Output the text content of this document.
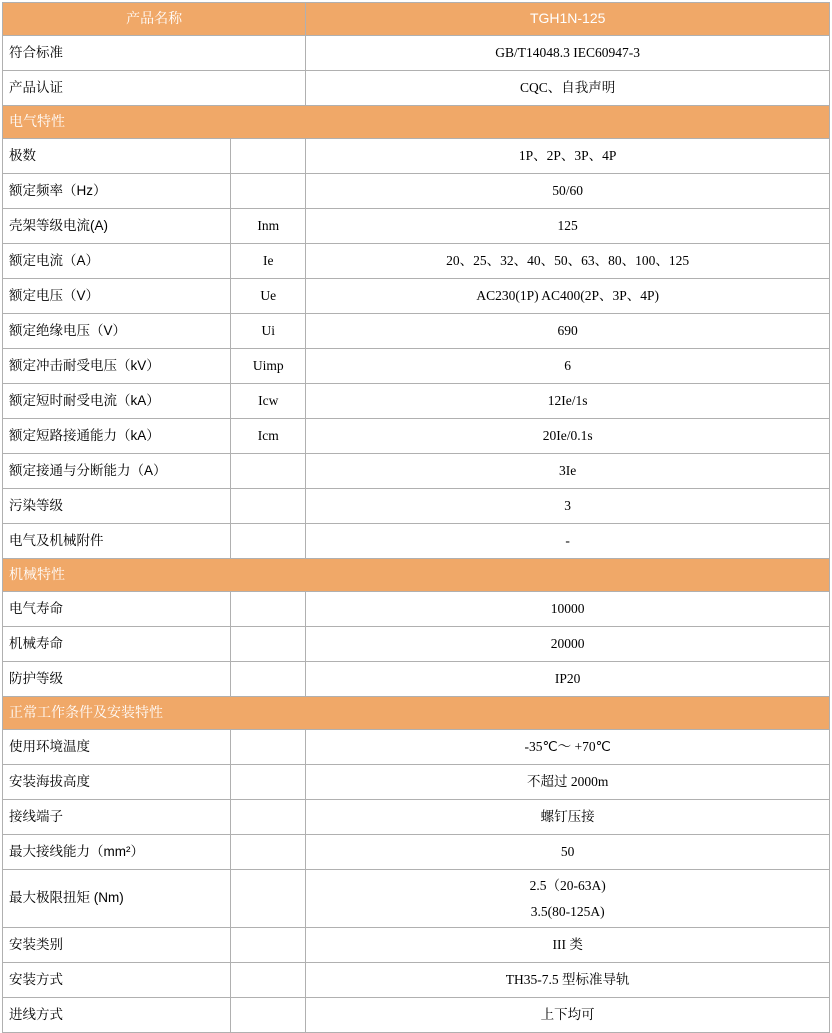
产品名称		TGH1N-125
符合标准		GB/T14048.3 IEC60947-3
产品认证		CQC、自我声明
电气特性		
极数		1P、2P、3P、4P
额定频率（Hz）		50/60
壳架等级电流(A)	Inm	125
额定电流（A）	Ie	20、25、32、40、50、63、80、100、125
额定电压（V）	Ue	AC230(1P) AC400(2P、3P、4P)
额定绝缘电压（V）	Ui	690
额定冲击耐受电压（kV）	Uimp	6
额定短时耐受电流（kA）	Icw	12Ie/1s
额定短路接通能力（kA）	Icm	20Ie/0.1s
额定接通与分断能力（A）		3Ie
污染等级		3
电气及机械附件		-
机械特性		
电气寿命		10000
机械寿命		20000
防护等级		IP20
正常工作条件及安装特性		
使用环境温度		-35℃～ +70℃
安装海拔高度		不超过 2000m
接线端子		螺钉压接
最大接线能力（mm²）		50
最大极限扭矩 (Nm)		2.5（20-63A)
3.5(80-125A)

安装类别		III 类
安装方式		TH35-7.5 型标准导轨
进线方式		上下均可
